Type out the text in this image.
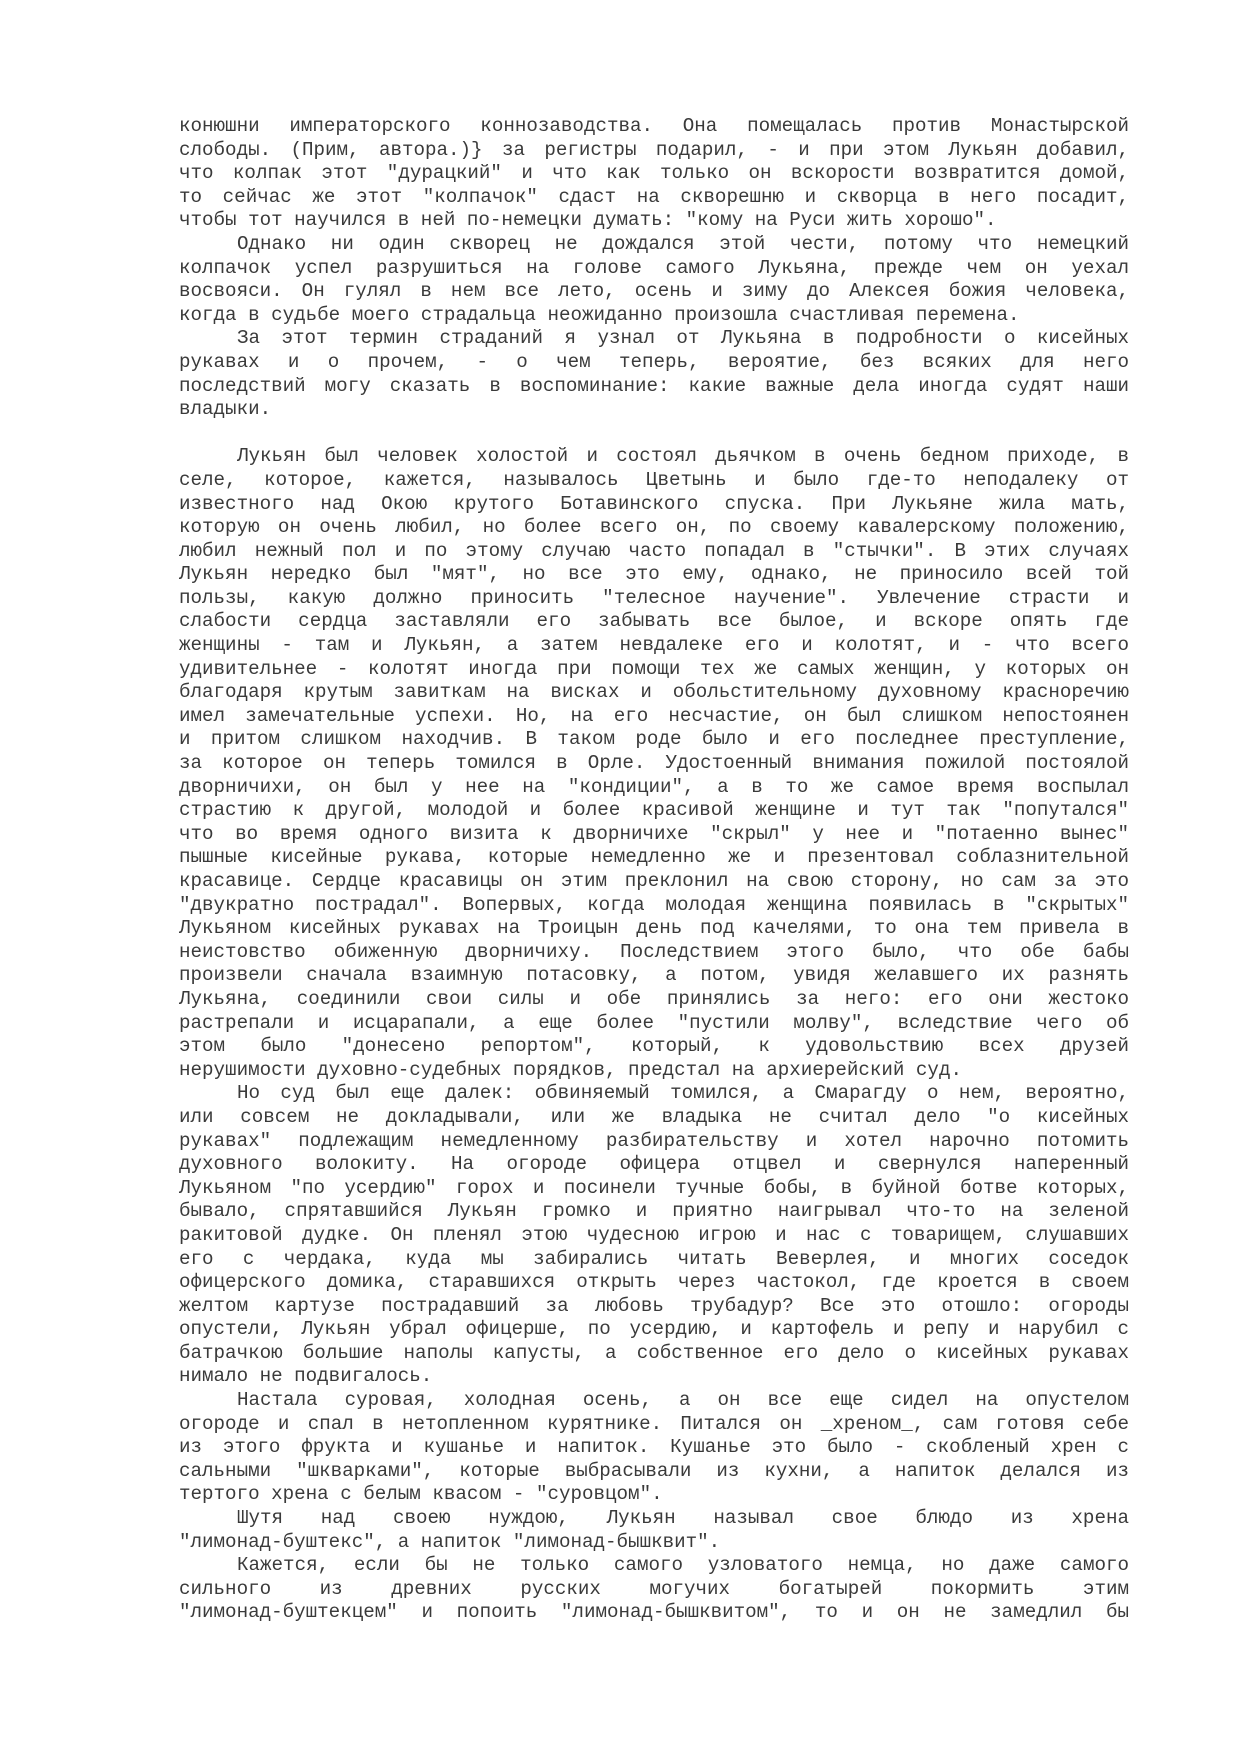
конюшни императорского коннозаводства. Она помещалась против Монастырской
слободы. (Прим, автора.)} за регистры подарил, - и при этом Лукьян добавил,
что колпак этот "дурацкий" и что как только он вскорости возвратится домой,
то сейчас же этот "колпачок" сдаст на скворешню и скворца в него посадит,
чтобы тот научился в ней по-немецки думать: "кому на Руси жить хорошо".
Однако ни один скворец не дождался этой чести, потому что немецкий
колпачок успел разрушиться на голове самого Лукьяна, прежде чем он уехал
восвояси. Он гулял в нем все лето, осень и зиму до Алексея божия человека,
когда в судьбе моего страдальца неожиданно произошла счастливая перемена.
За этот термин страданий я узнал от Лукьяна в подробности о кисейных
рукавах и о прочем, - о чем теперь, вероятие, без всяких для него
последствий могу сказать в воспоминание: какие важные дела иногда судят наши
владыки.
Лукьян был человек холостой и состоял дьячком в очень бедном приходе, в
селе, которое, кажется, называлось Цветынь и было где-то неподалеку от
известного над Окою крутого Ботавинского спуска. При Лукьяне жила мать,
которую он очень любил, но более всего он, по своему кавалерскому положению,
любил нежный пол и по этому случаю часто попадал в "стычки". В этих случаях
Лукьян нередко был "мят", но все это ему, однако, не приносило всей той
пользы, какую должно приносить "телесное научение". Увлечение страсти и
слабости сердца заставляли его забывать все былое, и вскоре опять где
женщины - там и Лукьян, а затем невдалеке его и колотят, и - что всего
удивительнее - колотят иногда при помощи тех же самых женщин, у которых он
благодаря крутым завиткам на висках и обольстительному духовному красноречию
имел замечательные успехи. Но, на его несчастие, он был слишком непостоянен
и притом слишком находчив. В таком роде было и его последнее преступление,
за которое он теперь томился в Орле. Удостоенный внимания пожилой постоялой
дворничихи, он был у нее на "кондиции", а в то же самое время воспылал
страстию к другой, молодой и более красивой женщине и тут так "попутался"
что во время одного визита к дворничихе "скрыл" у нее и "потаенно вынес"
пышные кисейные рукава, которые немедленно же и презентовал соблазнительной
красавице. Сердце красавицы он этим преклонил на свою сторону, но сам за это
"двукратно пострадал". Вопервых, когда молодая женщина появилась в "скрытых"
Лукьяном кисейных рукавах на Троицын день под качелями, то она тем привела в
неистовство обиженную дворничиху. Последствием этого было, что обе бабы
произвели сначала взаимную потасовку, а потом, увидя желавшего их разнять
Лукьяна, соединили свои силы и обе принялись за него: его они жестоко
растрепали и исцарапали, а еще более "пустили молву", вследствие чего об
этом было "донесено репортом", который, к удовольствию всех друзей
нерушимости духовно-судебных порядков, предстал на архиерейский суд.
Но суд был еще далек: обвиняемый томился, а Смарагду о нем, вероятно,
или совсем не докладывали, или же владыка не считал дело "о кисейных
рукавах" подлежащим немедленному разбирательству и хотел нарочно потомить
духовного волокиту. На огороде офицера отцвел и свернулся наперенный
Лукьяном "по усердию" горох и посинели тучные бобы, в буйной ботве которых,
бывало, спрятавшийся Лукьян громко и приятно наигрывал что-то на зеленой
ракитовой дудке. Он пленял этою чудесною игрою и нас с товарищем, слушавших
его с чердака, куда мы забирались читать Веверлея, и многих соседок
офицерского домика, старавшихся открыть через частокол, где кроется в своем
желтом картузе пострадавший за любовь трубадур? Все это отошло: огороды
опустели, Лукьян убрал офицерше, по усердию, и картофель и репу и нарубил с
батрачкою большие наполы капусты, а собственное его дело о кисейных рукавах
нимало не подвигалось.
Настала суровая, холодная осень, а он все еще сидел на опустелом
огороде и спал в нетопленном курятнике. Питался он _хреном_, сам готовя себе
из этого фрукта и кушанье и напиток. Кушанье это было - скобленый хрен с
сальными "шкварками", которые выбрасывали из кухни, а напиток делался из
тертого хрена с белым квасом - "суровцом".
Шутя над своею нуждою, Лукьян называл свое блюдо из хрена
"лимонад-буштекс", а напиток "лимонад-бышквит".
Кажется, если бы не только самого узловатого немца, но даже самого
сильного из древних русских могучих богатырей покормить этим
"лимонад-буштекцем" и попоить "лимонад-бышквитом", то и он не замедлил бы
